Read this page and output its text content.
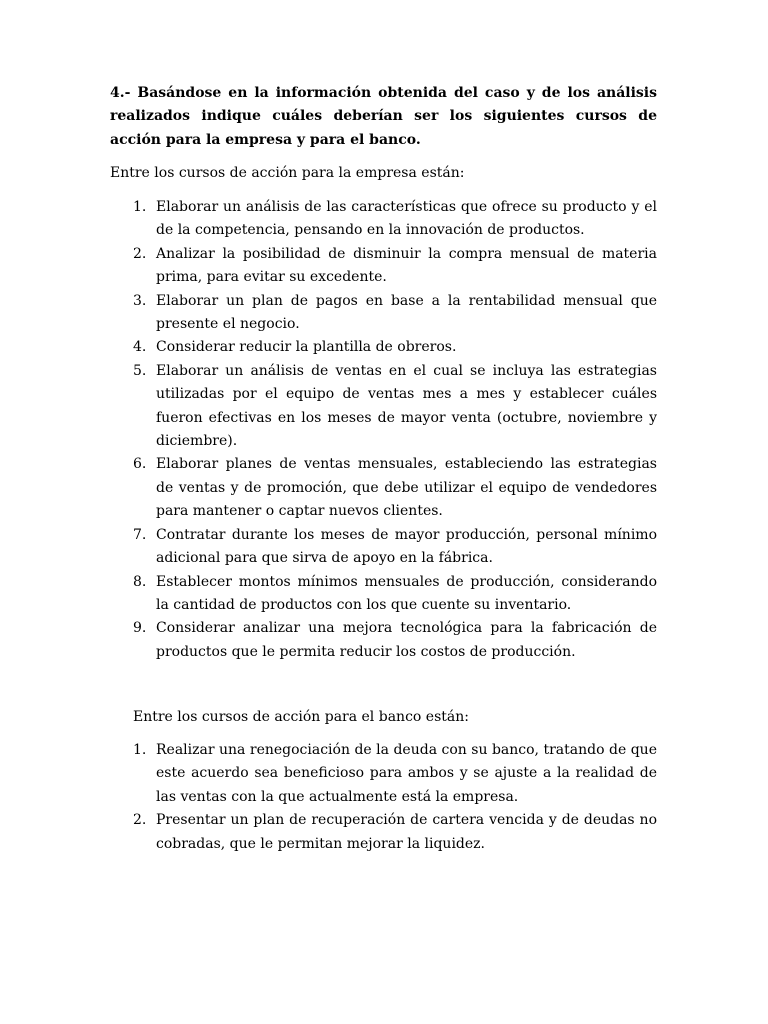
4.- Basándose en la información obtenida del caso y de los análisis realizados indique cuáles deberían ser los siguientes cursos de acción para la empresa y para el banco.

Entre los cursos de acción para la empresa están:

1. Elaborar un análisis de las características que ofrece su producto y el de la competencia, pensando en la innovación de productos.
2. Analizar la posibilidad de disminuir la compra mensual de materia prima, para evitar su excedente.
3. Elaborar un plan de pagos en base a la rentabilidad mensual que presente el negocio.
4. Considerar reducir la plantilla de obreros.
5. Elaborar un análisis de ventas en el cual se incluya las estrategias utilizadas por el equipo de ventas mes a mes y establecer cuáles fueron efectivas en los meses de mayor venta (octubre, noviembre y diciembre).
6. Elaborar planes de ventas mensuales, estableciendo las estrategias de ventas y de promoción, que debe utilizar el equipo de vendedores para mantener o captar nuevos clientes.
7. Contratar durante los meses de mayor producción, personal mínimo adicional para que sirva de apoyo en la fábrica.
8. Establecer montos mínimos mensuales de producción, considerando la cantidad de productos con los que cuente su inventario.
9. Considerar analizar una mejora tecnológica para la fabricación de productos que le permita reducir los costos de producción.

Entre los cursos de acción para el banco están:

1. Realizar una renegociación de la deuda con su banco, tratando de que este acuerdo sea beneficioso para ambos y se ajuste a la realidad de las ventas con la que actualmente está la empresa.
2. Presentar un plan de recuperación de cartera vencida y de deudas no cobradas, que le permitan mejorar la liquidez.
